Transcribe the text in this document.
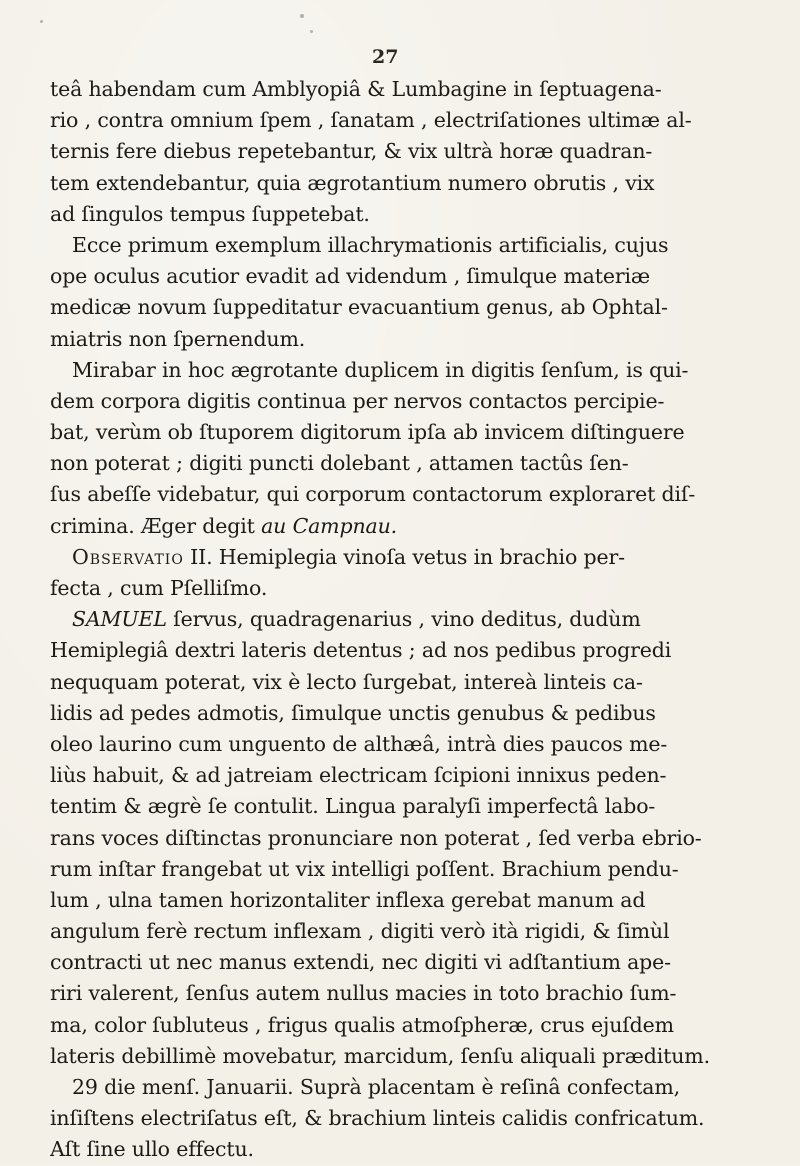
27
teâ habendam cum Amblyopiâ & Lumbagine in ſeptuagena-
rio , contra omnium ſpem , ſanatam , electriſationes ultimæ al-
ternis fere diebus repetebantur, & vix ultrà horæ quadran-
tem extendebantur, quia ægrotantium numero obrutis , vix
ad ſingulos tempus ſuppetebat.
Ecce primum exemplum illachrymationis artificialis, cujus
ope oculus acutior evadit ad videndum , ſimulque materiæ
medicæ novum ſuppeditatur evacuantium genus, ab Ophtal-
miatris non ſpernendum.
Mirabar in hoc ægrotante duplicem in digitis ſenſum, is qui-
dem corpora digitis continua per nervos contactos percipie-
bat, verùm ob ſtuporem digitorum ipſa ab invicem diſtinguere
non poterat ; digiti puncti dolebant , attamen tactûs ſen-
ſus abeſſe videbatur, qui corporum contactorum exploraret diſ-
crimina. Æger degit au Campnau.
Observatio II. Hemiplegia vinoſa vetus in brachio per-
fecta , cum Pſelliſmo.
SAMUEL ſervus, quadragenarius , vino deditus, dudùm
Hemiplegiâ dextri lateris detentus ; ad nos pedibus progredi
neququam poterat, vix è lecto ſurgebat, intereà linteis ca-
lidis ad pedes admotis, ſimulque unctis genubus & pedibus
oleo laurino cum unguento de althæâ, intrà dies paucos me-
liùs habuit, & ad jatreiam electricam ſcipioni innixus peden-
tentim & ægrè ſe contulit. Lingua paralyſi imperfectâ labo-
rans voces diſtinctas pronunciare non poterat , ſed verba ebrio-
rum inſtar frangebat ut vix intelligi poſſent. Brachium pendu-
lum , ulna tamen horizontaliter inflexa gerebat manum ad
angulum ferè rectum inflexam , digiti verò ità rigidi, & ſimùl
contracti ut nec manus extendi, nec digiti vi adſtantium ape-
riri valerent, ſenſus autem nullus macies in toto brachio ſum-
ma, color ſubluteus , frigus qualis atmoſpheræ, crus ejuſdem
lateris debillimè movebatur, marcidum, ſenſu aliquali præditum.
29 die menſ. Januarii. Suprà placentam è reſinâ confectam,
inſiſtens electriſatus eſt, & brachium linteis calidis confricatum.
Aſt ſine ullo effectu.
